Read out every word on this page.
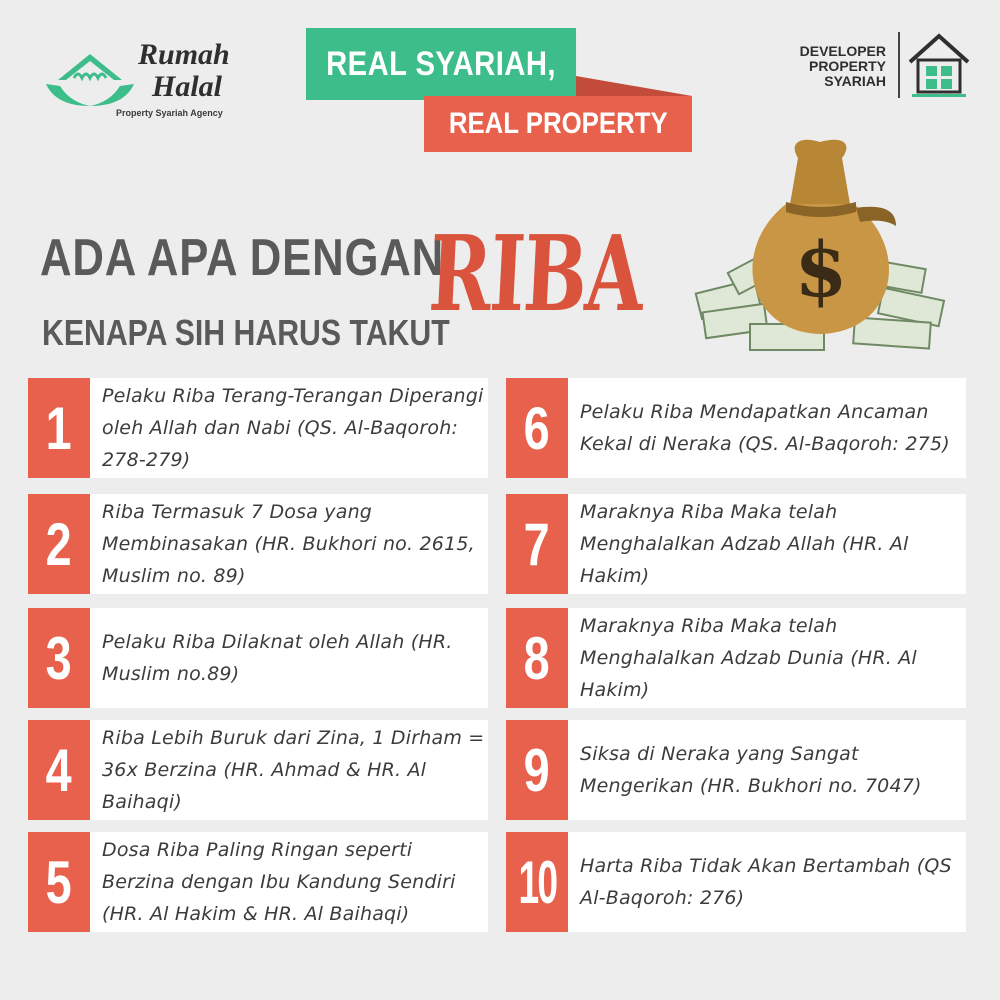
Rumah
Halal
Property Syariah Agency
REAL SYARIAH,
REAL PROPERTY
DEVELOPER
PROPERTY
SYARIAH
ADA APA DENGAN
RIBA
KENAPA SIH HARUS TAKUT
$
1	Pelaku Riba Terang-Terangan Diperangi oleh Allah dan Nabi (QS. Al-Baqoroh: 278-279)
2	Riba Termasuk 7 Dosa yang Membinasakan (HR. Bukhori no. 2615, Muslim no. 89)
3	Pelaku Riba Dilaknat oleh Allah (HR. Muslim no.89)
4	Riba Lebih Buruk dari Zina, 1 Dirham = 36x Berzina (HR. Ahmad & HR. Al Baihaqi)
5	Dosa Riba Paling Ringan seperti Berzina dengan Ibu Kandung Sendiri (HR. Al Hakim & HR. Al Baihaqi)
6	Pelaku Riba Mendapatkan Ancaman Kekal di Neraka (QS. Al-Baqoroh: 275)
7	Maraknya Riba Maka telah Menghalalkan Adzab Allah (HR. Al Hakim)
8	Maraknya Riba Maka telah Menghalalkan Adzab Dunia (HR. Al Hakim)
9	Siksa di Neraka yang Sangat Mengerikan (HR. Bukhori no. 7047)
10	Harta Riba Tidak Akan Bertambah (QS Al-Baqoroh: 276)
